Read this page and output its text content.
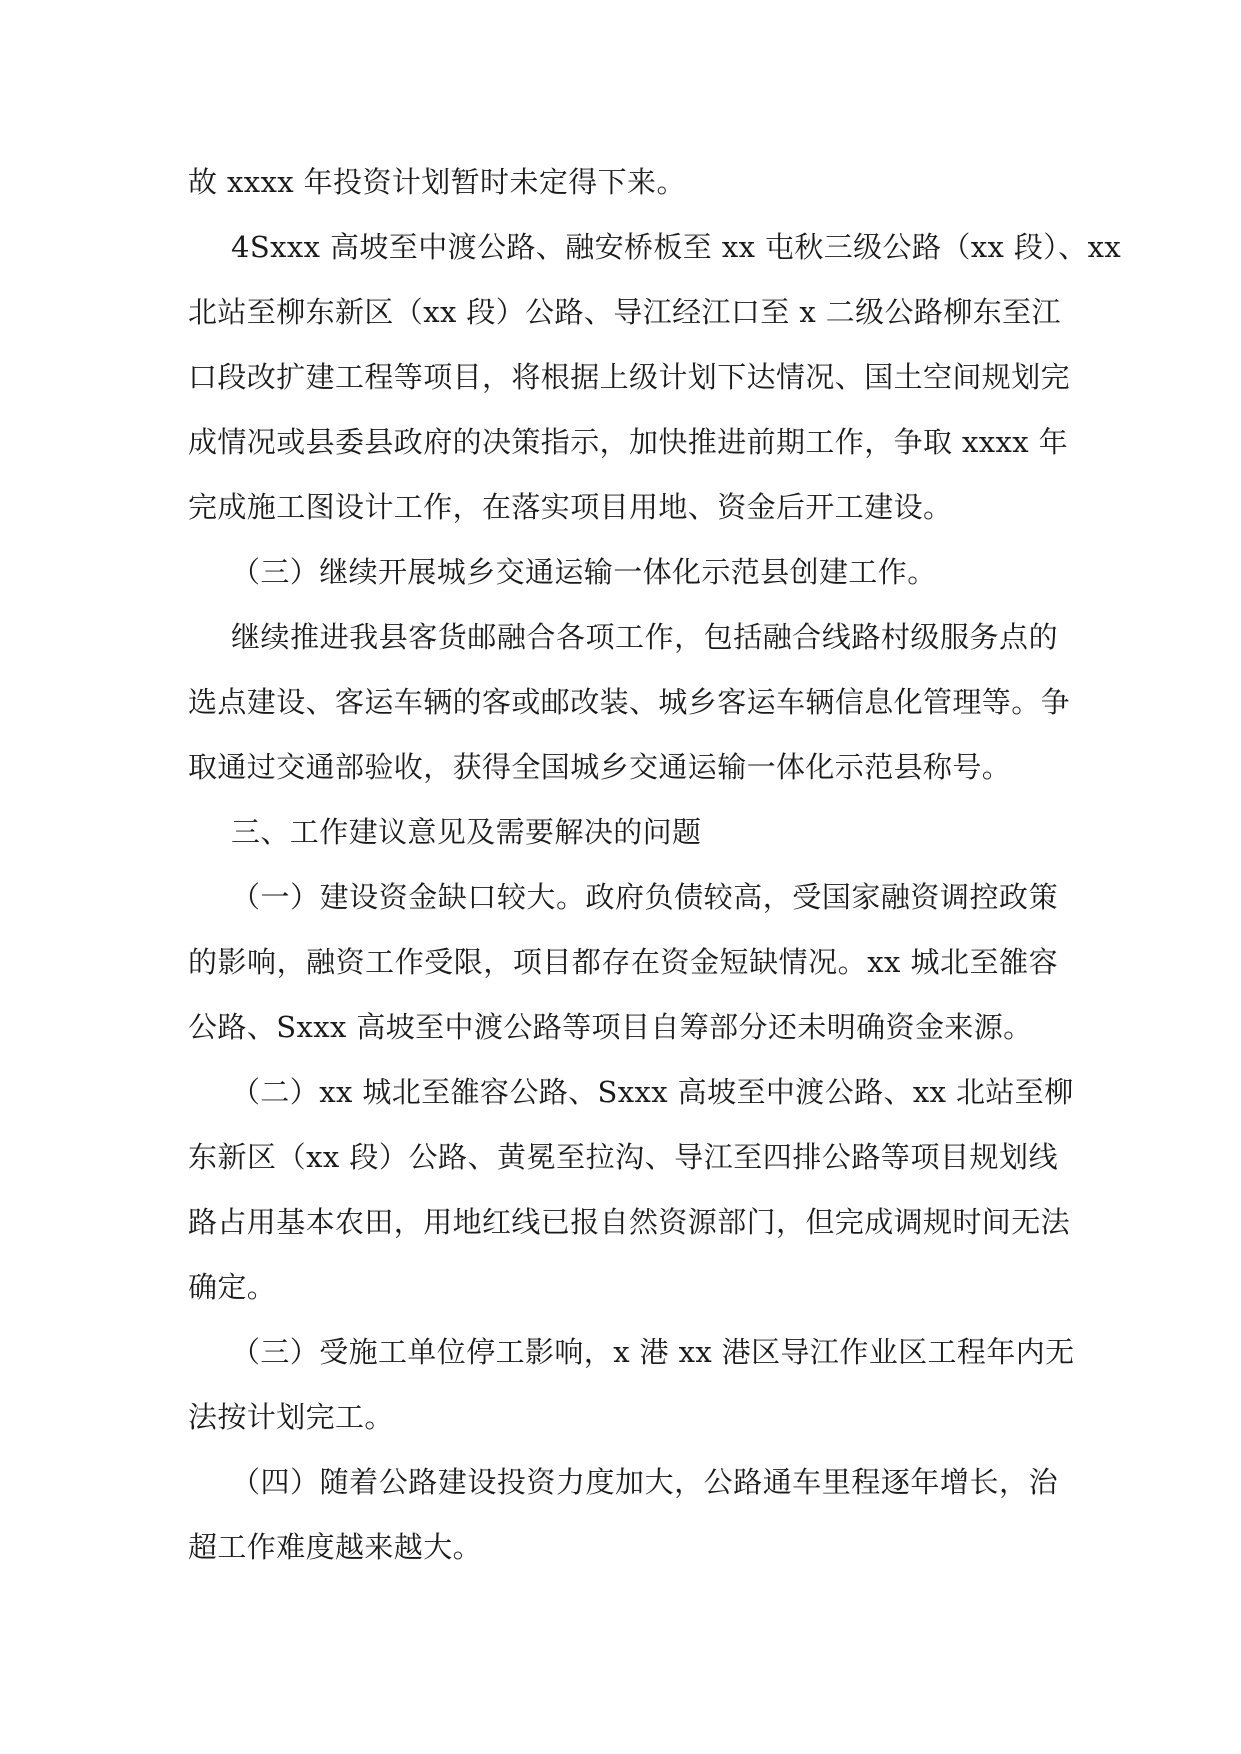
故 xxxx 年投资计划暂时未定得下来。
4Sxxx 高坡至中渡公路、融安桥板至 xx 屯秋三级公路（xx 段）、xx
北站至柳东新区（xx 段）公路、导江经江口至 x 二级公路柳东至江
口段改扩建工程等项目，将根据上级计划下达情况、国土空间规划完
成情况或县委县政府的决策指示，加快推进前期工作，争取 xxxx 年
完成施工图设计工作，在落实项目用地、资金后开工建设。
（三）继续开展城乡交通运输一体化示范县创建工作。
继续推进我县客货邮融合各项工作，包括融合线路村级服务点的
选点建设、客运车辆的客或邮改装、城乡客运车辆信息化管理等。争
取通过交通部验收，获得全国城乡交通运输一体化示范县称号。
三、工作建议意见及需要解决的问题
（一）建设资金缺口较大。政府负债较高，受国家融资调控政策
的影响，融资工作受限，项目都存在资金短缺情况。xx 城北至雒容
公路、Sxxx 高坡至中渡公路等项目自筹部分还未明确资金来源。
（二）xx 城北至雒容公路、Sxxx 高坡至中渡公路、xx 北站至柳
东新区（xx 段）公路、黄冕至拉沟、导江至四排公路等项目规划线
路占用基本农田，用地红线已报自然资源部门，但完成调规时间无法
确定。
（三）受施工单位停工影响，x 港 xx 港区导江作业区工程年内无
法按计划完工。
（四）随着公路建设投资力度加大，公路通车里程逐年增长，治
超工作难度越来越大。
